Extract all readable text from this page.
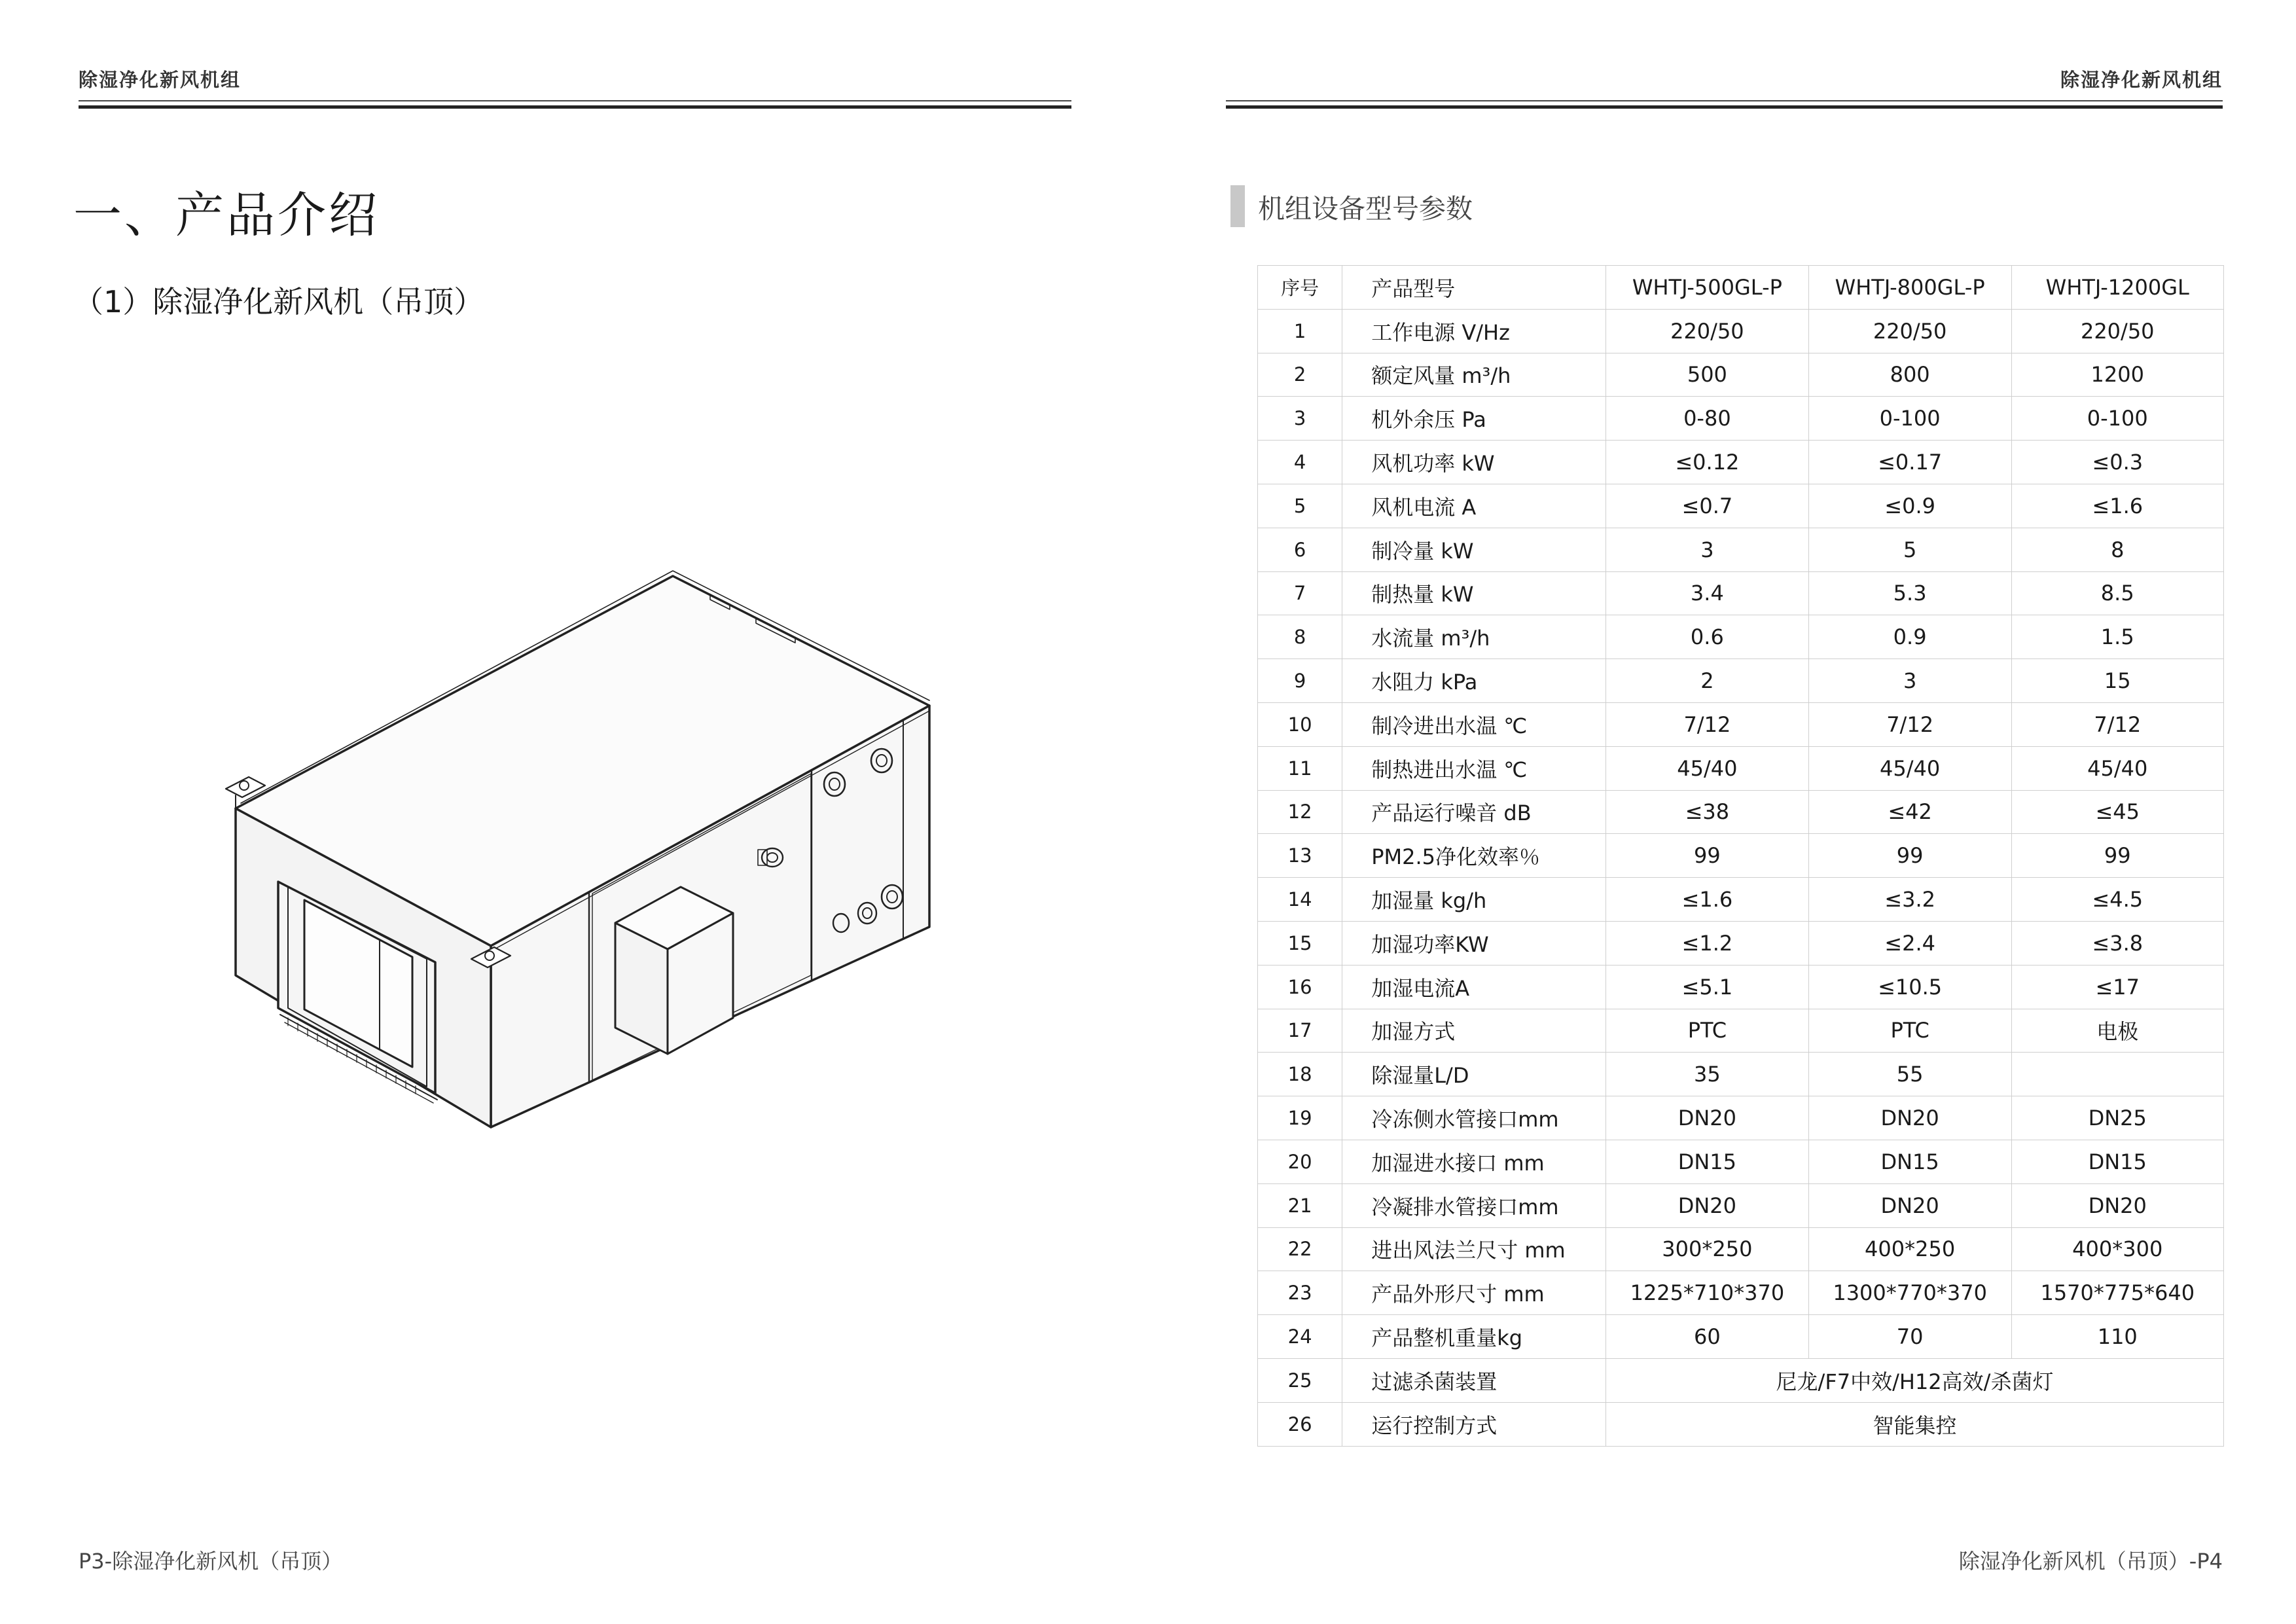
除湿净化新风机组
一、产品介绍
（1）除湿净化新风机（吊顶）
P3-除湿净化新风机（吊顶）
除湿净化新风机组
机组设备型号参数
序号	产品型号	WHTJ-500GL-P	WHTJ-800GL-P	WHTJ-1200GL
1	工作电源 V/Hz	220/50	220/50	220/50
2	额定风量 m³/h	500	800	1200
3	机外余压 Pa	0-80	0-100	0-100
4	风机功率 kW	≤0.12	≤0.17	≤0.3
5	风机电流 A	≤0.7	≤0.9	≤1.6
6	制冷量 kW	3	5	8
7	制热量 kW	3.4	5.3	8.5
8	水流量 m³/h	0.6	0.9	1.5
9	水阻力 kPa	2	3	15
10	制冷进出水温 ℃	7/12	7/12	7/12
11	制热进出水温 ℃	45/40	45/40	45/40
12	产品运行噪音 dB	≤38	≤42	≤45
13	PM2.5净化效率％	99	99	99
14	加湿量 kg/h	≤1.6	≤3.2	≤4.5
15	加湿功率KW	≤1.2	≤2.4	≤3.8
16	加湿电流A	≤5.1	≤10.5	≤17
17	加湿方式	PTC	PTC	电极
18	除湿量L/D	35	55	
19	冷冻侧水管接口mm	DN20	DN20	DN25
20	加湿进水接口 mm	DN15	DN15	DN15
21	冷凝排水管接口mm	DN20	DN20	DN20
22	进出风法兰尺寸 mm	300*250	400*250	400*300
23	产品外形尺寸 mm	1225*710*370	1300*770*370	1570*775*640
24	产品整机重量kg	60	70	110
25	过滤杀菌装置	尼龙/F7中效/H12高效/杀菌灯		
26	运行控制方式	智能集控		
除湿净化新风机（吊顶）-P4
